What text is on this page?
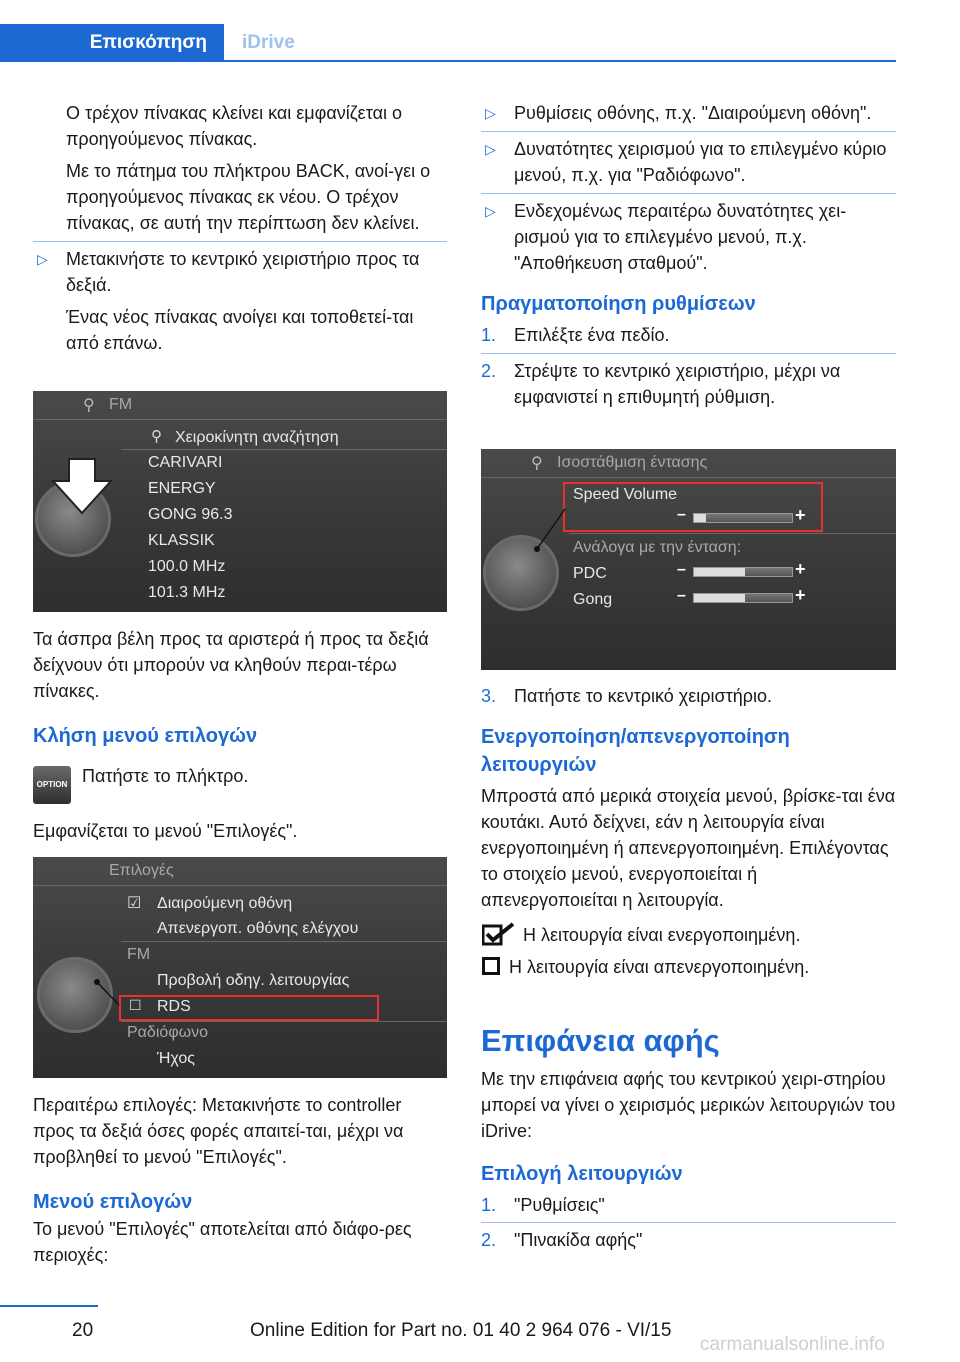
Επισκόπηση iDrive

Ο τρέχον πίνακας κλείνει και εμφανίζεται ο προηγούμενος πίνακας.

Με το πάτημα του πλήκτρου BACK, ανοί‐γει ο προηγούμενος πίνακας εκ νέου. Ο τρέχον πίνακας, σε αυτή την περίπτωση δεν κλείνει.

▷ Μετακινήστε το κεντρικό χειριστήριο προς τα δεξιά.

Ένας νέος πίνακας ανοίγει και τοποθετεί‐ται από επάνω.

⚲ FM
⚲ Χειροκίνητη αναζήτηση
CARIVARI
ENERGY
GONG 96.3
KLASSIK
100.0 MHz
101.3 MHz

Τα άσπρα βέλη προς τα αριστερά ή προς τα δεξιά δείχνουν ότι μπορούν να κληθούν περαι‐τέρω πίνακες.

Κλήση μενού επιλογών
OPTION Πατήστε το πλήκτρο.

Εμφανίζεται το μενού "Επιλογές".

Επιλογές
☑ Διαιρούμενη οθόνη
Απενεργοπ. οθόνης ελέγχου
FM
Προβολή οδηγ. λειτουργίας
☐ RDS
Ραδιόφωνο
Ήχος

Περαιτέρω επιλογές: Μετακινήστε το controller προς τα δεξιά όσες φορές απαιτεί‐ται, μέχρι να προβληθεί το μενού "Επιλογές".

Μενού επιλογών

Το μενού "Επιλογές" αποτελείται από διάφο‐ρες περιοχές:

▷ Ρυθμίσεις οθόνης, π.χ. "Διαιρούμενη οθόνη".
▷ Δυνατότητες χειρισμού για το επιλεγμένο κύριο μενού, π.χ. για "Ραδιόφωνο".
▷ Ενδεχομένως περαιτέρω δυνατότητες χει‐ρισμού για το επιλεγμένο μενού, π.χ. "Αποθήκευση σταθμού".
Πραγματοποίηση ρυθμίσεων
1. Επιλέξτε ένα πεδίο.
2. Στρέψτε το κεντρικό χειριστήριο, μέχρι να εμφανιστεί η επιθυμητή ρύθμιση.
⚲ Ισοστάθμιση έντασης
Speed Volume
–	+
Ανάλογα με την ένταση:
PDC	–	+
Gong	–	+
3. Πατήστε το κεντρικό χειριστήριο.
Ενεργοποίηση/απενεργοποίηση λειτουργιών

Μπροστά από μερικά στοιχεία μενού, βρίσκε‐ται ένα κουτάκι. Αυτό δείχνει, εάν η λειτουργία είναι ενεργοποιημένη ή απενεργοποιημένη. Επιλέγοντας το στοιχείο μενού, ενεργοποιείται ή απενεργοποιείται η λειτουργία.

Η λειτουργία είναι ενεργοποιημένη.

Η λειτουργία είναι απενεργοποιημένη.

Επιφάνεια αφής

Με την επιφάνεια αφής του κεντρικού χειρι‐στηρίου μπορεί να γίνει ο χειρισμός μερικών λειτουργιών του iDrive:

Επιλογή λειτουργιών
1. "Ρυθμίσεις"
2. "Πινακίδα αφής"
20	Online Edition for Part no. 01 40 2 964 076 - VI/15
carmanualsonline.info
